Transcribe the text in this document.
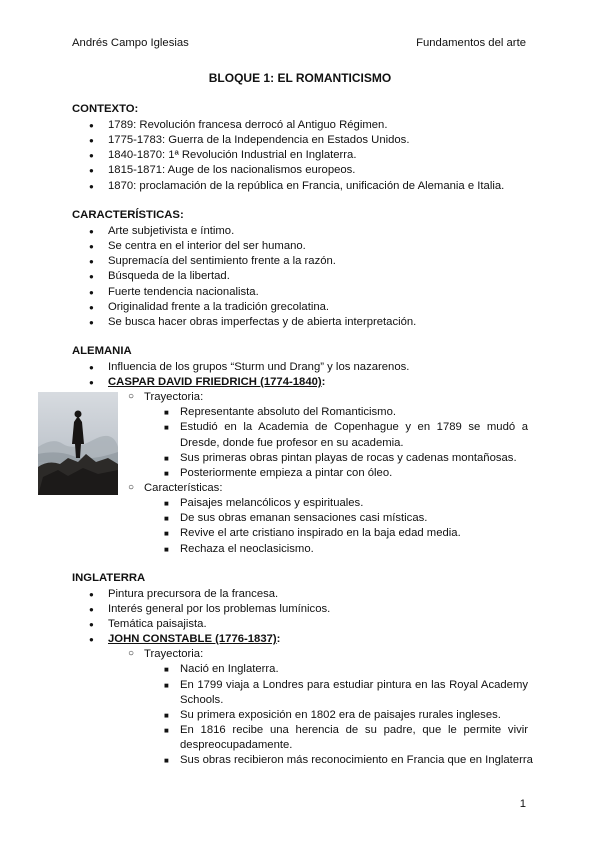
Andrés Campo Iglesias	Fundamentos del arte
BLOQUE 1: EL ROMANTICISMO
CONTEXTO:
● 1789: Revolución francesa derrocó al Antiguo Régimen.
● 1775-1783: Guerra de la Independencia en Estados Unidos.
● 1840-1870: 1ª Revolución Industrial en Inglaterra.
● 1815-1871: Auge de los nacionalismos europeos.
● 1870: proclamación de la república en Francia, unificación de Alemania e Italia.
CARACTERÍSTICAS:
● Arte subjetivista e íntimo.
● Se centra en el interior del ser humano.
● Supremacía del sentimiento frente a la razón.
● Búsqueda de la libertad.
● Fuerte tendencia nacionalista.
● Originalidad frente a la tradición grecolatina.
● Se busca hacer obras imperfectas y de abierta interpretación.
ALEMANIA
● Influencia de los grupos “Sturm und Drang” y los nazarenos.
● CASPAR DAVID FRIEDRICH (1774-1840):
○ Trayectoria:
■ Representante absoluto del Romanticismo.
■ Estudió en la Academia de Copenhague y en 1789 se mudó a Dresde, donde fue profesor en su academia.
■ Sus primeras obras pintan playas de rocas y cadenas montañosas.
■ Posteriormente empieza a pintar con óleo.
○ Características:
■ Paisajes melancólicos y espirituales.
■ De sus obras emanan sensaciones casi místicas.
■ Revive el arte cristiano inspirado en la baja edad media.
■ Rechaza el neoclasicismo.
INGLATERRA
● Pintura precursora de la francesa.
● Interés general por los problemas lumínicos.
● Temática paisajista.
● JOHN CONSTABLE (1776-1837):
○ Trayectoria:
■ Nació en Inglaterra.
■ En 1799 viaja a Londres para estudiar pintura en las Royal Academy
Schools.
■ Su primera exposición en 1802 era de paisajes rurales ingleses.
■ En 1816 recibe una herencia de su padre, que le permite vivir
despreocupadamente.
■ Sus obras recibieron más reconocimiento en Francia que en Inglaterra
1
